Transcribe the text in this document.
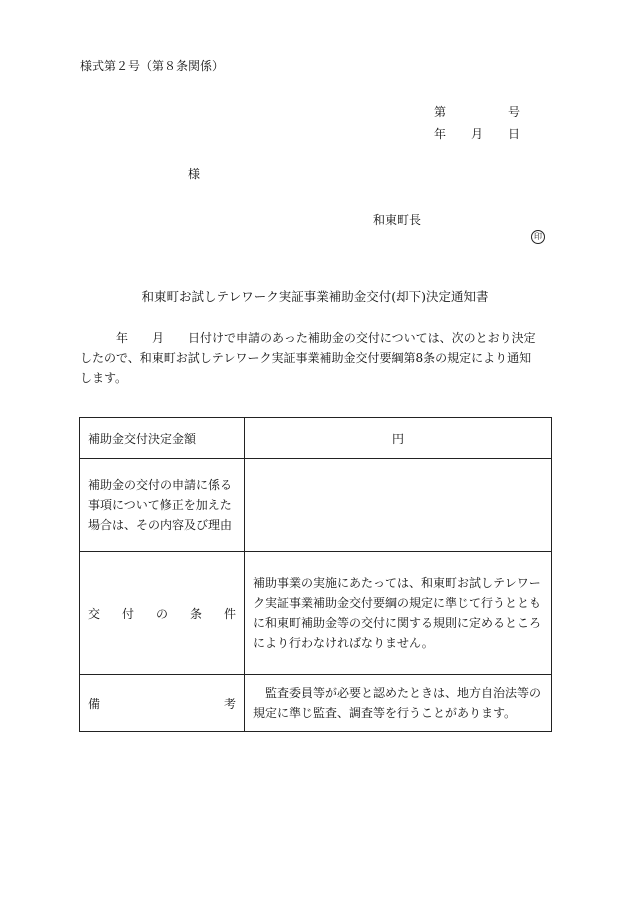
様式第２号（第８条関係）
第	号
年 月 日
様
和東町長
印
和東町お試しテレワーク実証事業補助金交付(却下)決定通知書
年 月 日付けで申請のあった補助金の交付については、次のとおり決定
したので、和東町お試しテレワーク実証事業補助金交付要綱第8条の規定により通知
します。
補助金交付決定金額	円
補助金の交付の申請に係る事項について修正を加えた場合は、その内容及び理由	

交 付 の 条 件	補助事業の実施にあたっては、和東町お試しテレワーク実証事業補助金交付要綱の規定に準じて行うとともに和東町補助金等の交付に関する規則に定めるところにより行わなければなりません。

備 考	監査委員等が必要と認めたときは、地方自治法等の規定に準じ監査、調査等を行うことがあります。
